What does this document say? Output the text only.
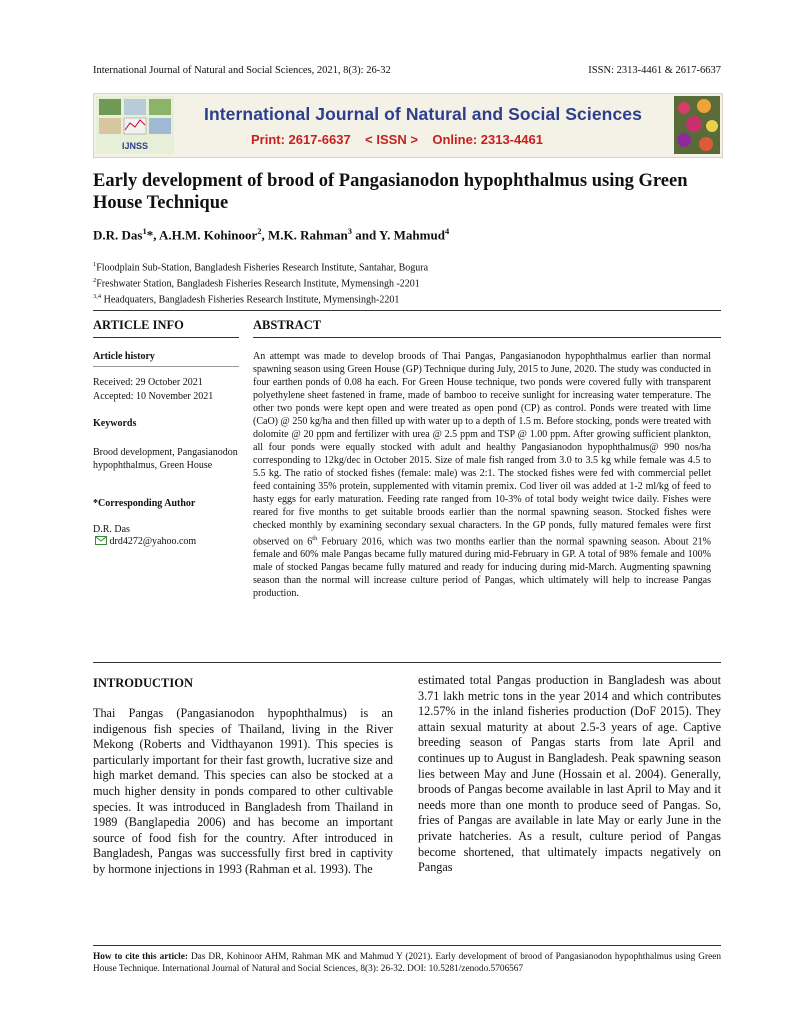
International Journal of Natural and Social Sciences, 2021, 8(3): 26-32	ISSN: 2313-4461 & 2617-6637
IJNSS
International Journal of Natural and Social Sciences
Print: 2617-6637    < ISSN >    Online: 2313-4461
Early development of brood of Pangasianodon hypophthalmus using Green House Technique
D.R. Das$^1$*, A.H.M. Kohinoor$^2$, M.K. Rahman$^3$ and Y. Mahmud$^4$
$^1$Floodplain Sub-Station, Bangladesh Fisheries Research Institute, Santahar, Bogura
$^2$Freshwater Station, Bangladesh Fisheries Research Institute, Mymensingh -2201
$^{3,4}$ Headquaters, Bangladesh Fisheries Research Institute, Mymensingh-2201
ARTICLE INFO	ABSTRACT
Article history
Received: 29 October 2021
Accepted: 10 November 2021
Keywords
Brood development, Pangasianodon hypophthalmus, Green House
*Corresponding Author
D.R. Das
drd4272@yahoo.com
An attempt was made to develop broods of Thai Pangas, Pangasianodon hypophthalmus earlier than normal spawning season using Green House (GP) Technique during July, 2015 to June, 2020. The study was conducted in four earthen ponds of 0.08 ha each. For Green House technique, two ponds were covered fully with transparent polyethylene sheet fastened in frame, made of bamboo to receive sunlight for increasing water temperature. The other two ponds were kept open and were treated as open pond (CP) as control. Ponds were treated with lime (CaO) @ 250 kg/ha and then filled up with water up to a depth of 1.5 m. Before stocking, ponds were treated with dolomite @ 20 ppm and fertilizer with urea @ 2.5 ppm and TSP @ 1.00 ppm. After growing sufficient plankton, all four ponds were equally stocked with adult and healthy Pangasianodon hypophthalmus@ 990 nos/ha corresponding to 12kg/dec in October 2015. Size of male fish ranged from 3.0 to 3.5 kg while female was 4.5 to 5.5 kg. The ratio of stocked fishes (female: male) was 2:1. The stocked fishes were fed with commercial pellet feed containing 35% protein, supplemented with vitamin premix. Cod liver oil was added at 1-2 ml/kg of feed to hasty eggs for early maturation. Feeding rate ranged from 10-3% of total body weight twice daily. Fishes were reared for five months to get suitable broods earlier than the normal spawning season. Stocked fishes were checked monthly by examining secondary sexual characters. In the GP ponds, fully matured females were first observed on 6th February 2016, which was two months earlier than the normal spawning season. About 21% female and 60% male Pangas became fully matured during mid-February in GP. A total of 98% female and 100% male of stocked Pangas became fully matured and ready for inducing during mid-March. Augmenting spawning season than the normal will increase culture period of Pangas, which ultimately will help to increase Pangas production.
INTRODUCTION
Thai Pangas (Pangasianodon hypophthalmus) is an indigenous fish species of Thailand, living in the River Mekong (Roberts and Vidthayanon 1991). This species is particularly important for their fast growth, lucrative size and high market demand. This species can also be stocked at a much higher density in ponds compared to other cultivable species. It was introduced in Bangladesh from Thailand in 1989 (Banglapedia 2006) and has become an important source of food fish for the country. After introduced in Bangladesh, Pangas was successfully first bred in captivity by hormone injections in 1993 (Rahman et al. 1993). The
estimated total Pangas production in Bangladesh was about 3.71 lakh metric tons in the year 2014 and which contributes 12.57% in the inland fisheries production (DoF 2015). They attain sexual maturity at about 2.5-3 years of age. Captive breeding season of Pangas starts from late April and continues up to August in Bangladesh. Peak spawning season lies between May and June (Hossain et al. 2004). Generally, broods of Pangas become available in last April to May and it needs more than one month to produce seed of Pangas. So, fries of Pangas are available in late May or early June in the private hatcheries. As a result, culture period of Pangas become shortened, that ultimately impacts negatively on Pangas
How to cite this article: Das DR, Kohinoor AHM, Rahman MK and Mahmud Y (2021). Early development of brood of Pangasianodon hypophthalmus using Green House Technique. International Journal of Natural and Social Sciences, 8(3): 26-32. DOI: 10.5281/zenodo.5706567
